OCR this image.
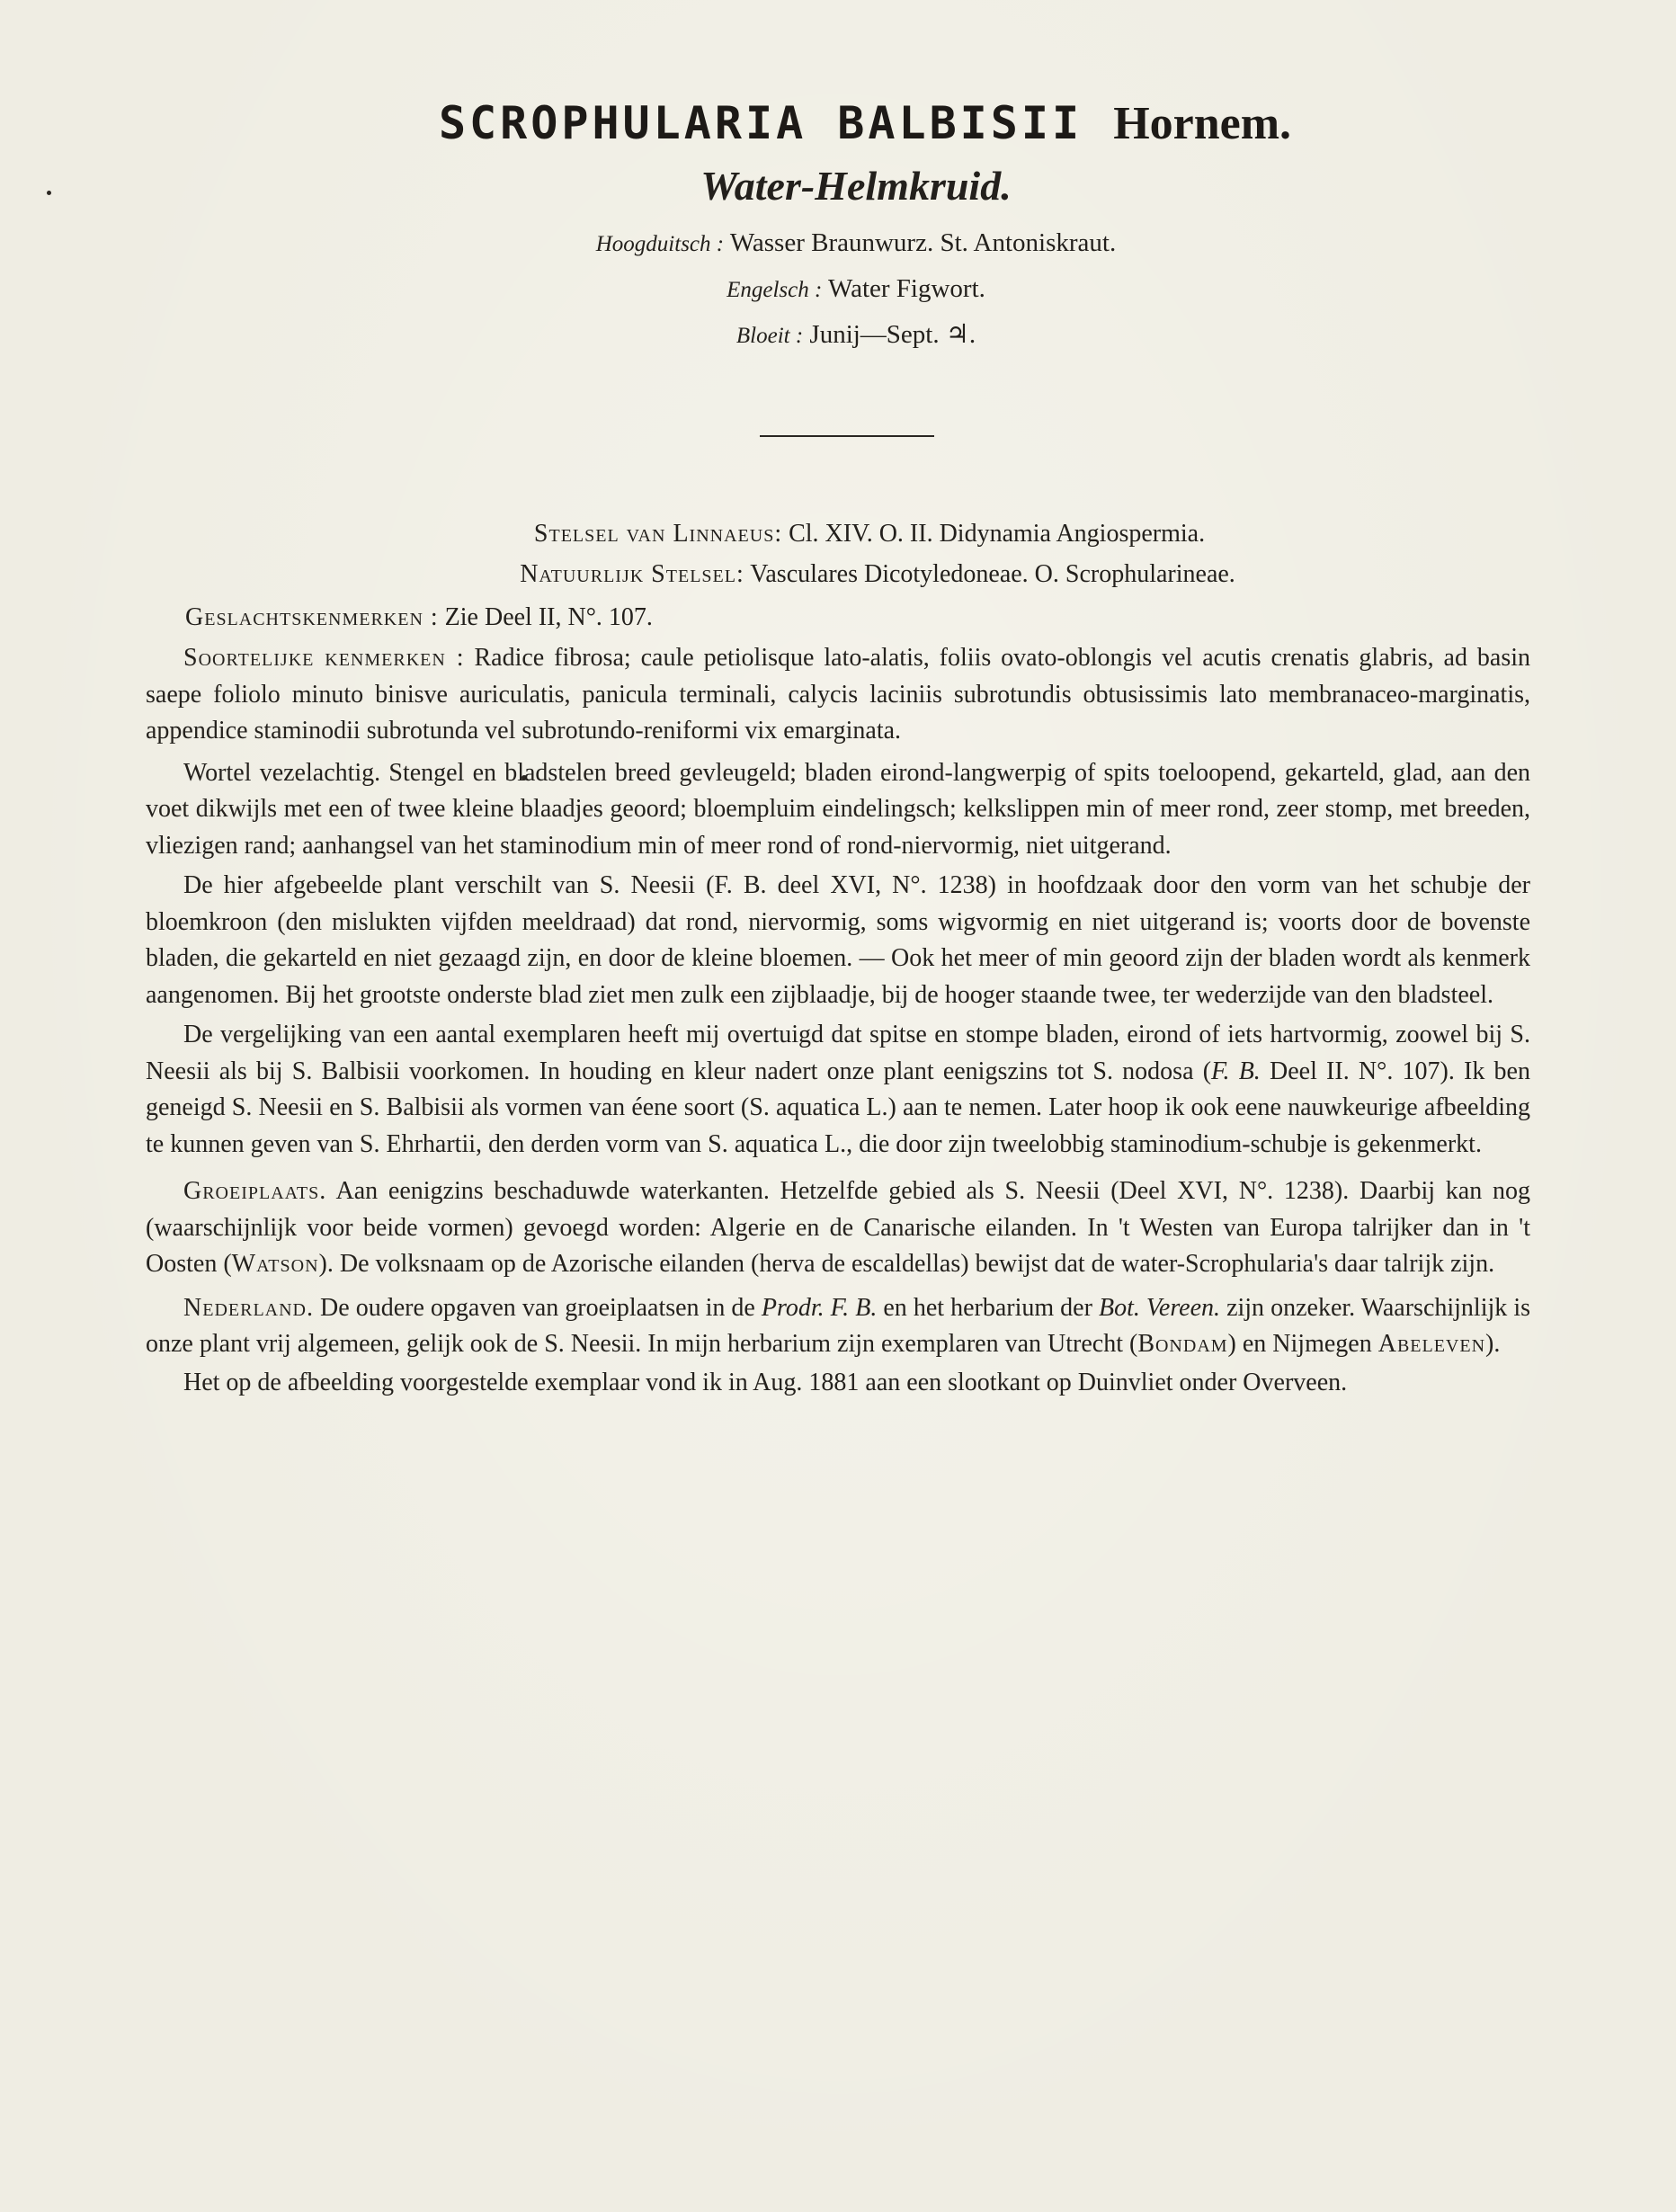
SCROPHULARIA BALBISII Hornem.
Water-Helmkruid.
Hoogduitsch : Wasser Braunwurz. St. Antoniskraut.
Engelsch : Water Figwort.
Bloeit : Junij—Sept. ♃.
Stelsel van Linnaeus: Cl. XIV. O. II. Didynamia Angiospermia.
Natuurlijk Stelsel: Vasculares Dicotyledoneae. O. Scrophularineae.
Geslachtskenmerken : Zie Deel II, N°. 107.

Soortelijke kenmerken : Radice fibrosa; caule petiolisque lato-alatis, foliis ovato-oblongis vel acutis crenatis glabris, ad basin saepe foliolo minuto binisve auriculatis, panicula terminali, calycis laciniis subrotundis obtusissimis lato membranaceo-marginatis, appendice staminodii subrotunda vel subrotundo-reniformi vix emarginata.

Wortel vezelachtig. Stengel en bladstelen breed gevleugeld; bladen eirond-langwerpig of spits toeloopend, gekarteld, glad, aan den voet dikwijls met een of twee kleine blaadjes geoord; bloempluim eindelingsch; kelkslippen min of meer rond, zeer stomp, met breeden, vliezigen rand; aanhangsel van het staminodium min of meer rond of rond-niervormig, niet uitgerand.

De hier afgebeelde plant verschilt van S. Neesii (F. B. deel XVI, N°. 1238) in hoofdzaak door den vorm van het schubje der bloemkroon (den mislukten vijfden meeldraad) dat rond, niervormig, soms wigvormig en niet uitgerand is; voorts door de bovenste bladen, die gekarteld en niet gezaagd zijn, en door de kleine bloemen. — Ook het meer of min geoord zijn der bladen wordt als kenmerk aangenomen. Bij het grootste onderste blad ziet men zulk een zijblaadje, bij de hooger staande twee, ter wederzijde van den bladsteel.

De vergelijking van een aantal exemplaren heeft mij overtuigd dat spitse en stompe bladen, eirond of iets hartvormig, zoowel bij S. Neesii als bij S. Balbisii voorkomen. In houding en kleur nadert onze plant eenigszins tot S. nodosa (F. B. Deel II. N°. 107). Ik ben geneigd S. Neesii en S. Balbisii als vormen van éene soort (S. aquatica L.) aan te nemen. Later hoop ik ook eene nauwkeurige afbeelding te kunnen geven van S. Ehrhartii, den derden vorm van S. aquatica L., die door zijn tweelobbig staminodium-schubje is gekenmerkt.

Groeiplaats. Aan eenigzins beschaduwde waterkanten. Hetzelfde gebied als S. Neesii (Deel XVI, N°. 1238). Daarbij kan nog (waarschijnlijk voor beide vormen) gevoegd worden: Algerie en de Canarische eilanden. In 't Westen van Europa talrijker dan in 't Oosten (Watson). De volksnaam op de Azorische eilanden (herva de escaldellas) bewijst dat de water-Scrophularia's daar talrijk zijn.

Nederland. De oudere opgaven van groeiplaatsen in de Prodr. F. B. en het herbarium der Bot. Vereen. zijn onzeker. Waarschijnlijk is onze plant vrij algemeen, gelijk ook de S. Neesii. In mijn herbarium zijn exemplaren van Utrecht (Bondam) en Nijmegen Abeleven).

Het op de afbeelding voorgestelde exemplaar vond ik in Aug. 1881 aan een slootkant op Duinvliet onder Overveen.
